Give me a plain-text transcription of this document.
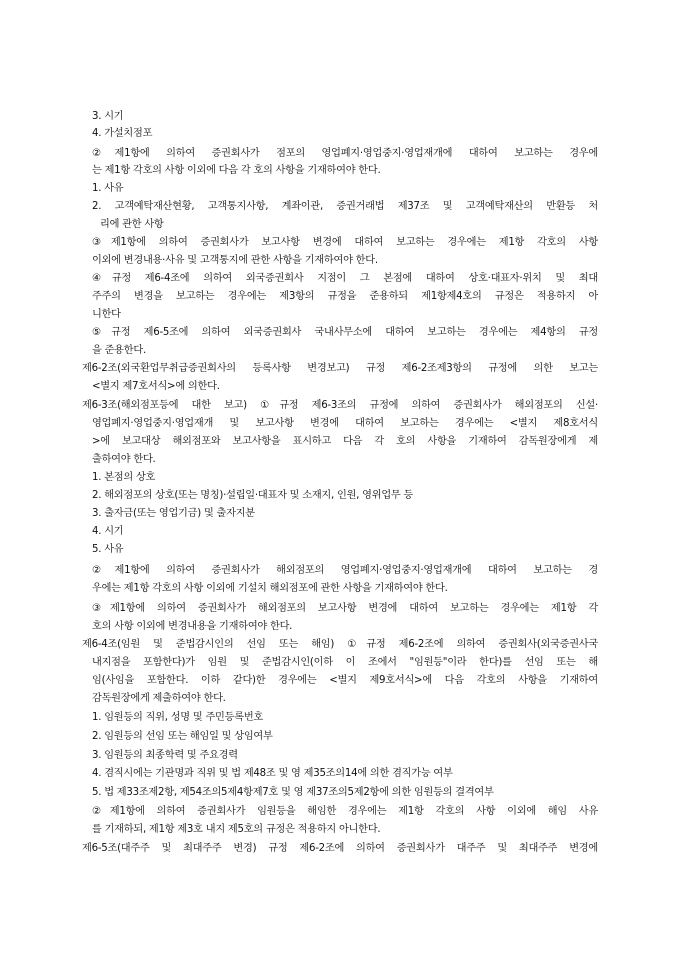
3. 시기
4. 가설치점포
②제1항에 의하여 증권회사가 점포의 영업폐지·영업중지·영업재개에 대하여 보고하는 경우에
는 제1항 각호의 사항 이외에 다음 각 호의 사항을 기재하여야 한다.
1. 사유
2. 고객예탁재산현황, 고객통지사항, 계좌이관, 증권거래법 제37조 및 고객예탁재산의 반환등 처
리에 관한 사항
③제1항에 의하여 증권회사가 보고사항 변경에 대하여 보고하는 경우에는 제1항 각호의 사항
이외에 변경내용·사유 및 고객통지에 관한 사항을 기재하여야 한다.
④규정 제6-4조에 의하여 외국증권회사 지점이 그 본점에 대하여 상호·대표자·위치 및 최대
주주의 변경을 보고하는 경우에는 제3항의 규정을 준용하되 제1항제4호의 규정은 적용하지 아
니한다
⑤규정 제6-5조에 의하여 외국증권회사 국내사무소에 대하여 보고하는 경우에는 제4항의 규정
을 준용한다.
제6-2조(외국환업무취급증권회사의 등록사항 변경보고) 규정 제6-2조제3항의 규정에 의한 보고는
<별지 제7호서식>에 의한다.
제6-3조(해외점포등에 대한 보고) ①규정 제6-3조의 규정에 의하여 증권회사가 해외점포의 신설·
영업폐지·영업중지·영업재개 및 보고사항 변경에 대하여 보고하는 경우에는 <별지 제8호서식
>에 보고대상 해외점포와 보고사항을 표시하고 다음 각 호의 사항을 기재하여 감독원장에게 제
출하여야 한다.
1. 본점의 상호
2. 해외점포의 상호(또는 명칭)·설립일·대표자 및 소재지, 인원, 영위업무 등
3. 출자금(또는 영업기금) 및 출자지분
4. 시기
5. 사유
②제1항에 의하여 증권회사가 해외점포의 영업폐지·영업중지·영업재개에 대하여 보고하는 경
우에는 제1항 각호의 사항 이외에 기설치 해외점포에 관한 사항을 기재하여야 한다.
③제1항에 의하여 증권회사가 해외점포의 보고사항 변경에 대하여 보고하는 경우에는 제1항 각
호의 사항 이외에 변경내용을 기재하여야 한다.
제6-4조(임원 및 준법감시인의 선임 또는 해임) ①규정 제6-2조에 의하여 증권회사(외국증권사국
내지점을 포함한다)가 임원 및 준법감시인(이하 이 조에서 "임원등"이라 한다)를 선임 또는 해
임(사임을 포함한다. 이하 같다)한 경우에는 <별지 제9호서식>에 다음 각호의 사항을 기재하여
감독원장에게 제출하여야 한다.
1. 임원등의 직위, 성명 및 주민등록번호
2. 임원등의 선임 또는 해임일 및 상임여부
3. 임원등의 최종학력 및 주요경력
4. 겸직시에는 기관명과 직위 및 법 제48조 및 영 제35조의14에 의한 겸직가능 여부
5. 법 제33조제2항, 제54조의5제4항제7호 및 영 제37조의5제2항에 의한 임원등의 결격여부
②제1항에 의하여 증권회사가 임원등을 해임한 경우에는 제1항 각호의 사항 이외에 해임 사유
를 기재하되, 제1항 제3호 내지 제5호의 규정은 적용하지 아니한다.
제6-5조(대주주 및 최대주주 변경) 규정 제6-2조에 의하여 증권회사가 대주주 및 최대주주 변경에
